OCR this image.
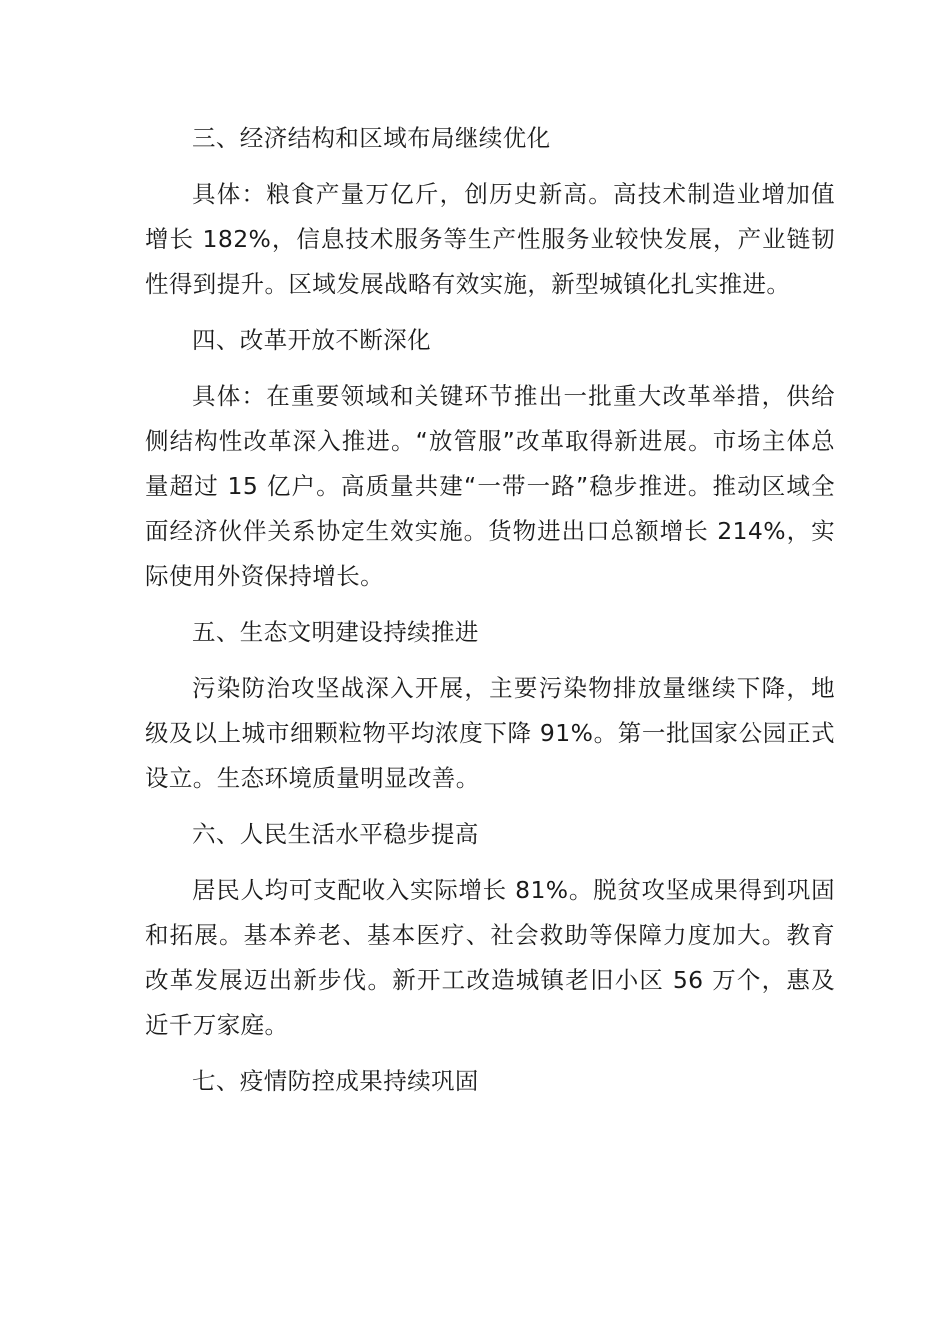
三、经济结构和区域布局继续优化

具体：粮食产量万亿斤，创历史新高。高技术制造业增加值增长 182%，信息技术服务等生产性服务业较快发展，产业链韧性得到提升。区域发展战略有效实施，新型城镇化扎实推进。

四、改革开放不断深化

具体：在重要领域和关键环节推出一批重大改革举措，供给侧结构性改革深入推进。“放管服”改革取得新进展。市场主体总量超过 15 亿户。高质量共建“一带一路”稳步推进。推动区域全面经济伙伴关系协定生效实施。货物进出口总额增长 214%，实际使用外资保持增长。

五、生态文明建设持续推进

污染防治攻坚战深入开展，主要污染物排放量继续下降，地级及以上城市细颗粒物平均浓度下降 91%。第一批国家公园正式设立。生态环境质量明显改善。

六、人民生活水平稳步提高

居民人均可支配收入实际增长 81%。脱贫攻坚成果得到巩固和拓展。基本养老、基本医疗、社会救助等保障力度加大。教育改革发展迈出新步伐。新开工改造城镇老旧小区 56 万个，惠及近千万家庭。

七、疫情防控成果持续巩固
